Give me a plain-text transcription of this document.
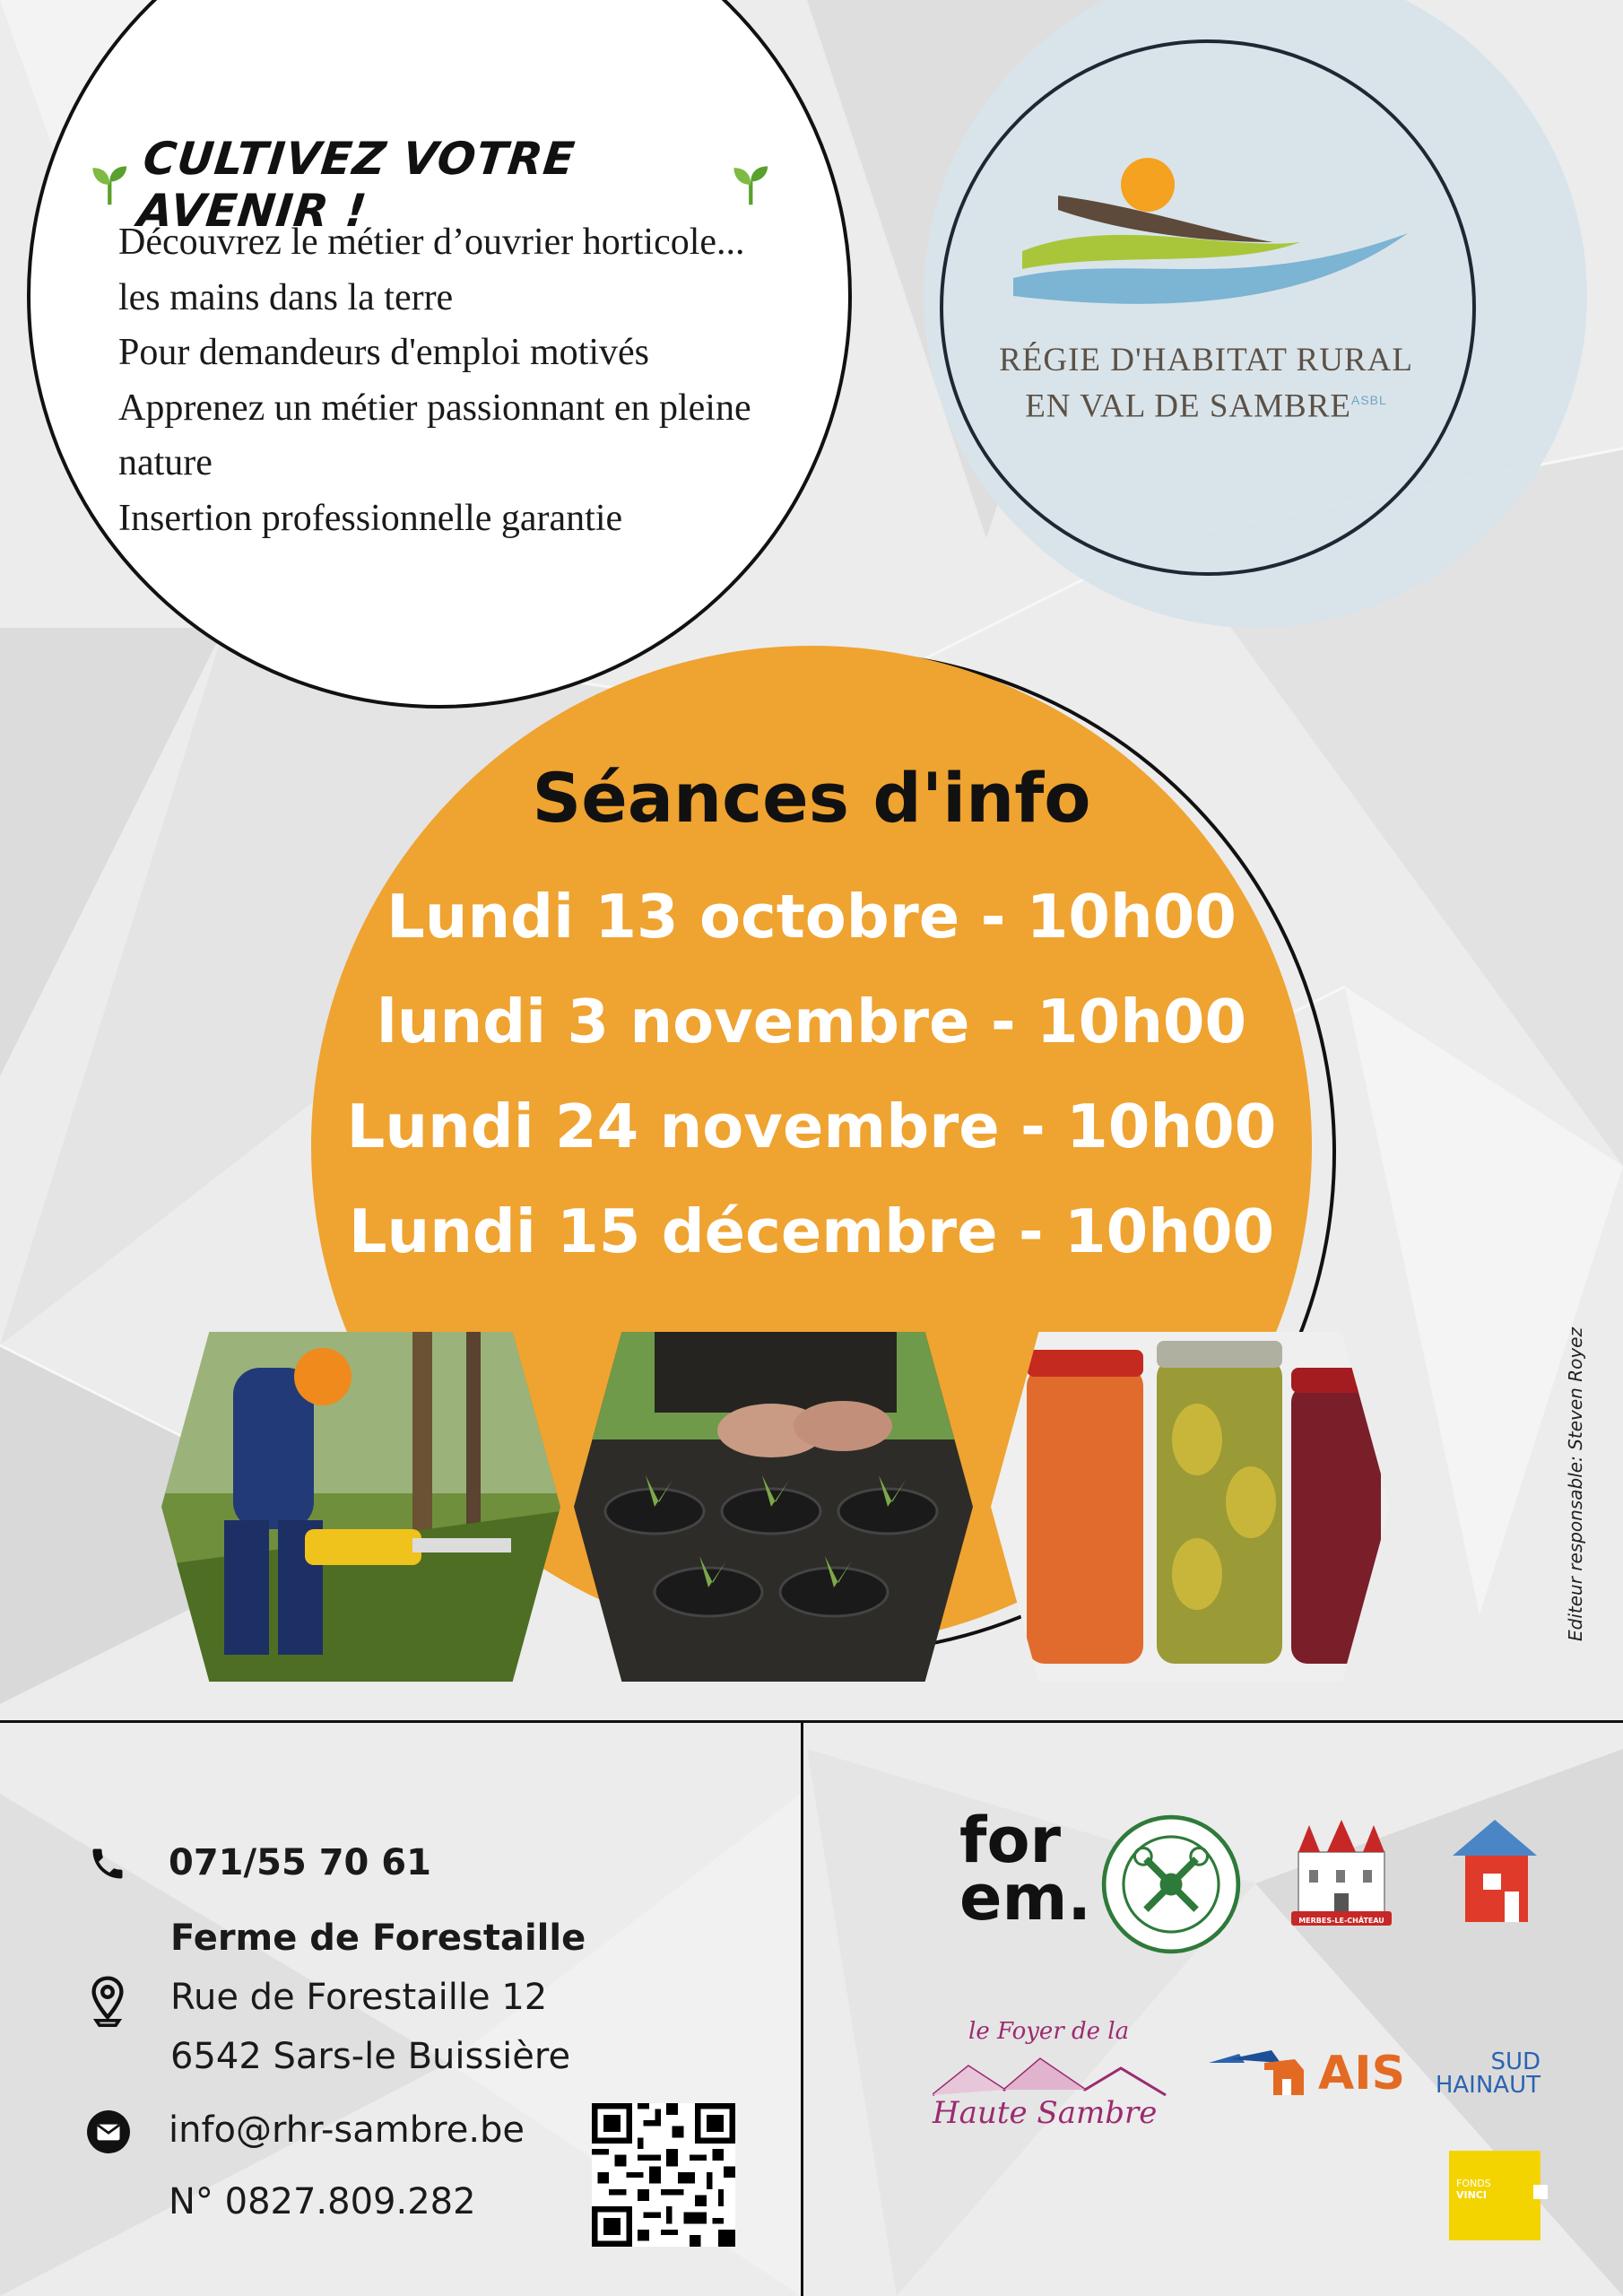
CULTIVEZ VOTRE AVENIR !
Découvrez le métier d’ouvrier horticole...
les mains dans la terre
Pour demandeurs d'emploi motivés
Apprenez un métier passionnant en pleine
nature
Insertion professionnelle garantie
RÉGIE D'HABITAT RURAL
EN VAL DE $SAMBRE^{ASBL}$
Séances d'info
Lundi 13 octobre - 10h00
lundi 3 novembre - 10h00
Lundi 24 novembre - 10h00
Lundi 15 décembre - 10h00
071/55 70 61
Ferme de Forestaille
Rue de Forestaille 12
6542 Sars-le Buissière
info@rhr-sambre.be
N° 0827.809.282
for
em.	MERBES-LE-CHÂTEAU
le Foyer de la
Haute Sambre
AIS	SUD
HAINAUT
FONDS
VINCI
Editeur responsable: Steven Royez
